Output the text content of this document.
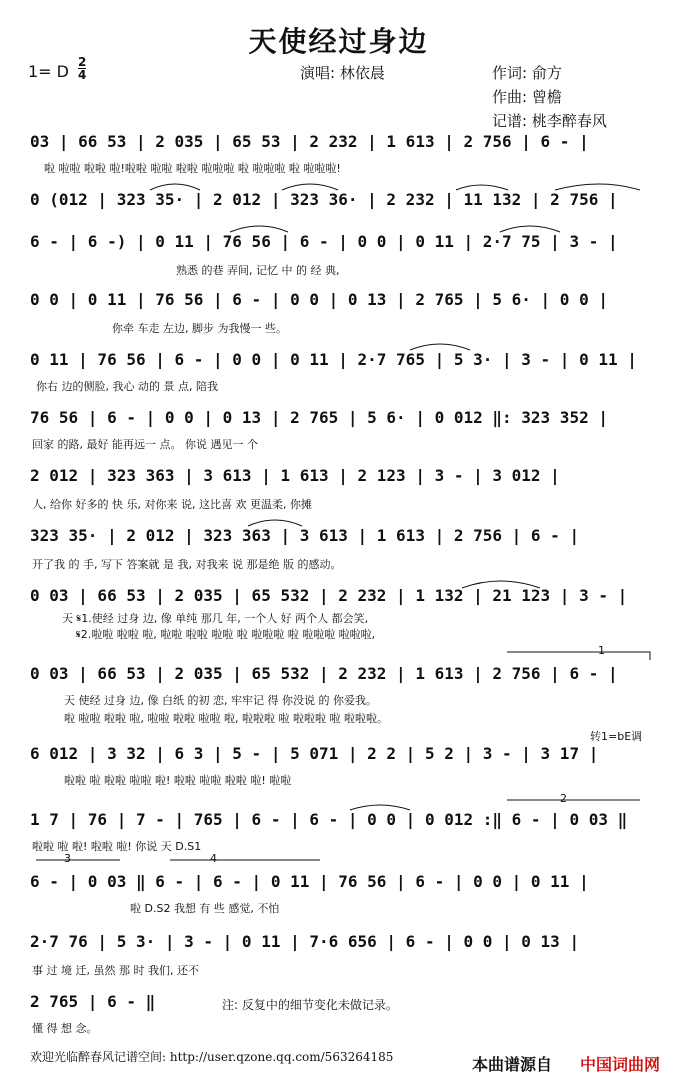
天使经过身边
1= D $\frac{2}{4}$	演唱: 林依晨	作词: 俞方
作曲: 曾檐
记谱: 桃李醉春风
03 | 66 53 | 2 035 | 65 53 | 2 232 | 1 613 | 2 756 | 6 - |
啦 啦啦 啦啦 啦!啦啦 啦啦 啦啦 啦啦啦 啦 啦啦啦 啦 啦啦啦!
0 (012 | 323 35· | 2 012 | 323 36· | 2 232 | 11 132 | 2 756 |
6 - | 6 -) | 0 11 | 76 56 | 6 - | 0 0 | 0 11 | 2·7 75 | 3 - |
熟悉 的巷 弄间, 记忆 中 的 经 典,
0 0 | 0 11 | 76 56 | 6 - | 0 0 | 0 13 | 2 765 | 5 6· | 0 0 |
你牵 车走 左边, 脚步 为我慢一 些。
0 11 | 76 56 | 6 - | 0 0 | 0 11 | 2·7 765 | 5 3· | 3 - | 0 11 |
你右 边的侧脸, 我心 动的 景 点, 陪我
76 56 | 6 - | 0 0 | 0 13 | 2 765 | 5 6· | 0 012 ‖: 323 352 |
回家 的路, 最好 能再远一 点。 你说 遇见一 个
2 012 | 323 363 | 3 613 | 1 613 | 2 123 | 3 - | 3 012 |
人, 给你 好多的 快 乐, 对你来 说, 这比喜 欢 更温柔, 你摊
323 35· | 2 012 | 323 363 | 3 613 | 1 613 | 2 756 | 6 - |
开了我 的 手, 写下 答案就 是 我, 对我来 说 那是绝 版 的感动。
0 03 | 66 53 | 2 035 | 65 532 | 2 232 | 1 132 | 21 123 | 3 - |
天 𝄋1.使经 过身 边, 像 单纯 那几 年, 一个人 好 两个人 都会笑,
𝄋2.啦啦 啦啦 啦, 啦啦 啦啦 啦啦 啦 啦啦啦 啦 啦啦啦 啦啦啦,
0 03 | 66 53 | 2 035 | 65 532 | 2 232 | 1 613 | 2 756 | 6 - |
天 使经 过身 边, 像 白纸 的初 恋, 牢牢记 得 你没说 的 你爱我。
啦 啦啦 啦啦 啦, 啦啦 啦啦 啦啦 啦, 啦啦啦 啦 啦啦啦 啦 啦啦啦。
转1=bE调
6 012 | 3 32 | 6 3 | 5 - | 5 071 | 2 2 | 5 2 | 3 - | 3 17 |
啦啦 啦 啦啦 啦啦 啦! 啦啦 啦啦 啦啦 啦! 啦啦
1 7 | 76 | 7 - | 765 | 6 - | 6 - | 0 0 | 0 012 :‖ 6 - | 0 03 ‖
啦啦 啦 啦! 啦啦 啦! 你说 天 D.S1
6 - | 0 03 ‖ 6 - | 6 - | 0 11 | 76 56 | 6 - | 0 0 | 0 11 |
啦 D.S2 我想 有 些 感觉, 不怕
2·7 76 | 5 3· | 3 - | 0 11 | 7·6 656 | 6 - | 0 0 | 0 13 |
事 过 境 迁, 虽然 那 时 我们, 还不
2 765 | 6 - ‖
懂 得 想 念。
注: 反复中的细节变化未做记录。
1
2
3	4
欢迎光临醉春风记谱空间: http://user.qzone.qq.com/563264185	本曲谱源自 中国词曲网
